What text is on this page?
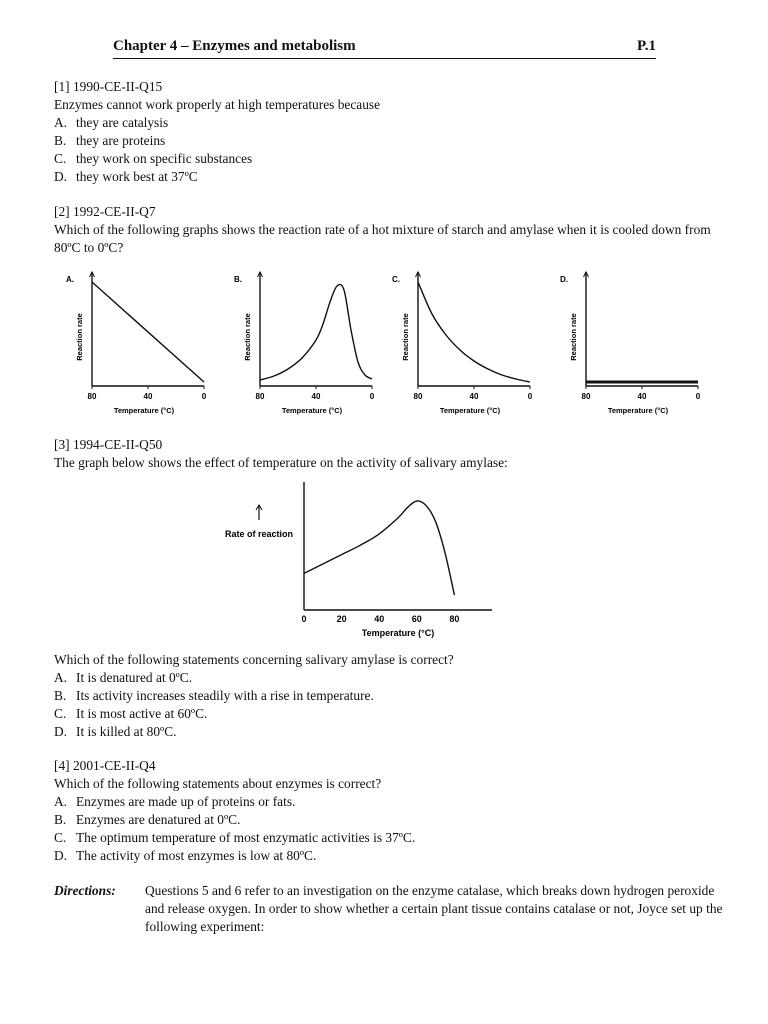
Chapter 4 – Enzymes and metabolism	P.1
[1] 1990-CE-II-Q15
Enzymes cannot work properly at high temperatures because
A. they are catalysis
B. they are proteins
C. they work on specific substances
D. they work best at 37ºC
[2] 1992-CE-II-Q7
Which of the following graphs shows the reaction rate of a hot mixture of starch and amylase when it is cooled down from 80ºC to 0ºC?
A.
80	40	0
Temperature (°C)
Reaction rate
B.
80	40	0
Temperature (°C)
Reaction rate
C.
80	40	0
Temperature (°C)
Reaction rate
D.
80	40	0
Temperature (°C)
Reaction rate
[3] 1994-CE-II-Q50
The graph below shows the effect of temperature on the activity of salivary amylase:
Rate of reaction
0	20	40	60	80
Temperature (°C)
Which of the following statements concerning salivary amylase is correct?
A. It is denatured at 0ºC.
B. Its activity increases steadily with a rise in temperature.
C. It is most active at 60ºC.
D. It is killed at 80ºC.
[4] 2001-CE-II-Q4
Which of the following statements about enzymes is correct?
A. Enzymes are made up of proteins or fats.
B. Enzymes are denatured at 0ºC.
C. The optimum temperature of most enzymatic activities is 37ºC.
D. The activity of most enzymes is low at 80ºC.
Directions: Questions 5 and 6 refer to an investigation on the enzyme catalase, which breaks down hydrogen peroxide and release oxygen. In order to show whether a certain plant tissue contains catalase or not, Joyce set up the following experiment:
